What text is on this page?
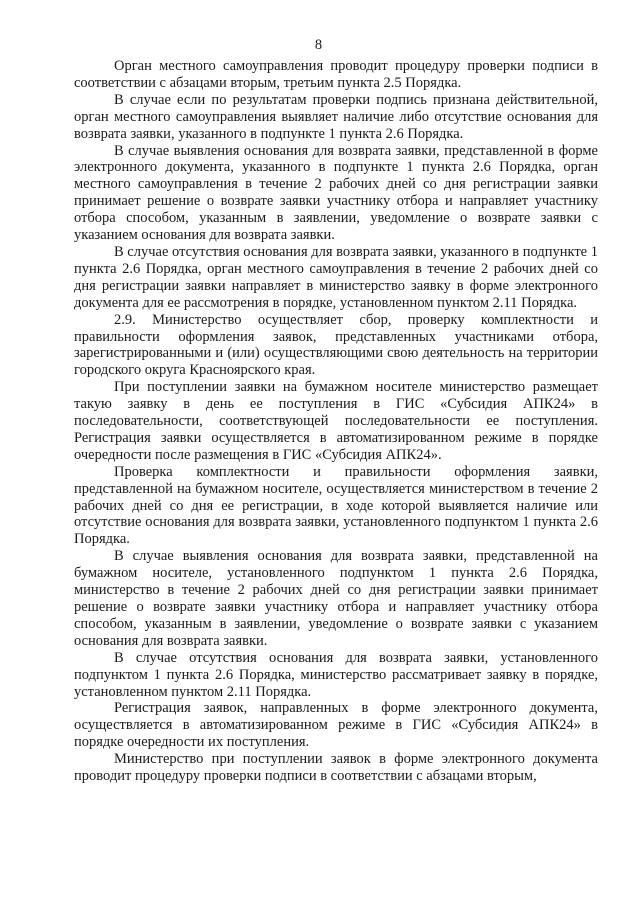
8

Орган местного самоуправления проводит процедуру проверки подписи в соответствии с абзацами вторым, третьим пункта 2.5 Порядка.

В случае если по результатам проверки подпись признана действительной, орган местного самоуправления выявляет наличие либо отсутствие основания для возврата заявки, указанного в подпункте 1 пункта 2.6 Порядка.

В случае выявления основания для возврата заявки, представленной в форме электронного документа, указанного в подпункте 1 пункта 2.6 Порядка, орган местного самоуправления в течение 2 рабочих дней со дня регистрации заявки принимает решение о возврате заявки участнику отбора и направляет участнику отбора способом, указанным в заявлении, уведомление о возврате заявки с указанием основания для возврата заявки.

В случае отсутствия основания для возврата заявки, указанного в подпункте 1 пункта 2.6 Порядка, орган местного самоуправления в течение 2 рабочих дней со дня регистрации заявки направляет в министерство заявку в форме электронного документа для ее рассмотрения в порядке, установленном пунктом 2.11 Порядка.

2.9. Министерство осуществляет сбор, проверку комплектности и правильности оформления заявок, представленных участниками отбора, зарегистрированными и (или) осуществляющими свою деятельность на территории городского округа Красноярского края.

При поступлении заявки на бумажном носителе министерство размещает такую заявку в день ее поступления в ГИС «Субсидия АПК24» в последовательности, соответствующей последовательности ее поступления. Регистрация заявки осуществляется в автоматизированном режиме в порядке очередности после размещения в ГИС «Субсидия АПК24».

Проверка комплектности и правильности оформления заявки, представленной на бумажном носителе, осуществляется министерством в течение 2 рабочих дней со дня ее регистрации, в ходе которой выявляется наличие или отсутствие основания для возврата заявки, установленного подпунктом 1 пункта 2.6 Порядка.

В случае выявления основания для возврата заявки, представленной на бумажном носителе, установленного подпунктом 1 пункта 2.6 Порядка, министерство в течение 2 рабочих дней со дня регистрации заявки принимает решение о возврате заявки участнику отбора и направляет участнику отбора способом, указанным в заявлении, уведомление о возврате заявки с указанием основания для возврата заявки.

В случае отсутствия основания для возврата заявки, установленного подпунктом 1 пункта 2.6 Порядка, министерство рассматривает заявку в порядке, установленном пунктом 2.11 Порядка.

Регистрация заявок, направленных в форме электронного документа, осуществляется в автоматизированном режиме в ГИС «Субсидия АПК24» в порядке очередности их поступления.

Министерство при поступлении заявок в форме электронного документа проводит процедуру проверки подписи в соответствии с абзацами вторым,
